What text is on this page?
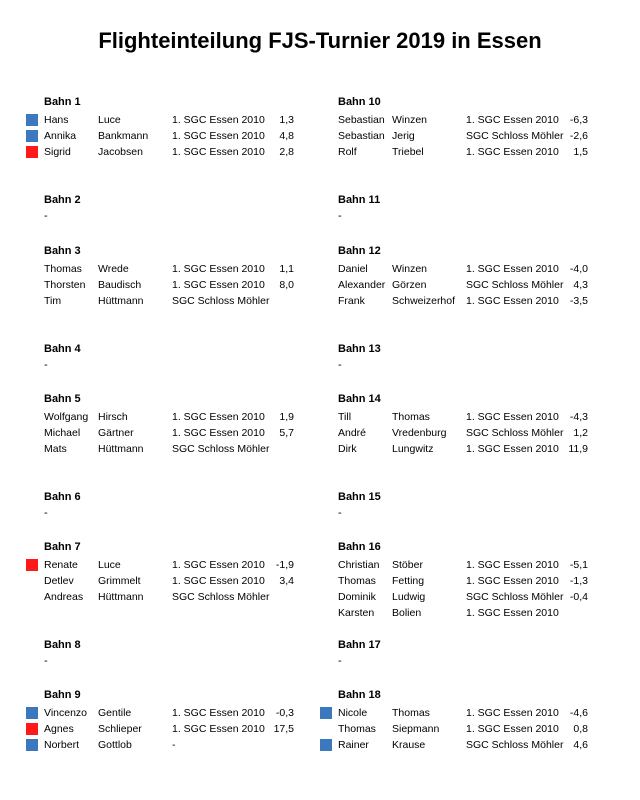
Flighteinteilung FJS-Turnier 2019 in Essen
Bahn 1
Hans	Luce	1. SGC Essen 2010 1,3
Annika Bankmann 1. SGC Essen 2010 4,8
Sigrid	Jacobsen	1. SGC Essen 2010 2,8
Bahn 2
-
Bahn 3
Thomas Wrede	1. SGC Essen 2010 1,1
Thorsten Baudisch	1. SGC Essen 2010 8,0
Tim	Hüttmann	SGC Schloss Möhler
Bahn 4
-
Bahn 5
Wolfgang Hirsch	1. SGC Essen 2010 1,9
Michael Gärtner	1. SGC Essen 2010 5,7
Mats	Hüttmann	SGC Schloss Möhler
Bahn 6
-
Bahn 7
Renate Luce	1. SGC Essen 2010 -1,9
Detlev Grimmelt	1. SGC Essen 2010 3,4
Andreas Hüttmann	SGC Schloss Möhler
Bahn 8
-
Bahn 9
Vincenzo Gentile	1. SGC Essen 2010 -0,3
Agnes Schlieper	1. SGC Essen 2010 17,5
Norbert Gottlob	-
Bahn 10
Sebastian Winzen	1. SGC Essen 2010 -6,3
Sebastian Jerig	SGC Schloss Möhler -2,6
Rolf	Triebel	1. SGC Essen 2010 1,5
Bahn 11
-
Bahn 12
Daniel Winzen	1. SGC Essen 2010 -4,0
Alexander Görzen	SGC Schloss Möhler 4,3
Frank	Schweizerhof 1. SGC Essen 2010 -3,5
Bahn 13
-
Bahn 14
Till	Thomas	1. SGC Essen 2010 -4,3
André Vredenburg SGC Schloss Möhler 1,2
Dirk	Lungwitz	1. SGC Essen 2010 11,9
Bahn 15
-
Bahn 16
Christian Stöber	1. SGC Essen 2010 -5,1
Thomas Fetting	1. SGC Essen 2010 -1,3
Dominik Ludwig	SGC Schloss Möhler -0,4
Karsten Bolien	1. SGC Essen 2010
Bahn 17
-
Bahn 18
Nicole Thomas	1. SGC Essen 2010 -4,6
Thomas Siepmann	1. SGC Essen 2010 0,8
Rainer Krause	SGC Schloss Möhler 4,6
